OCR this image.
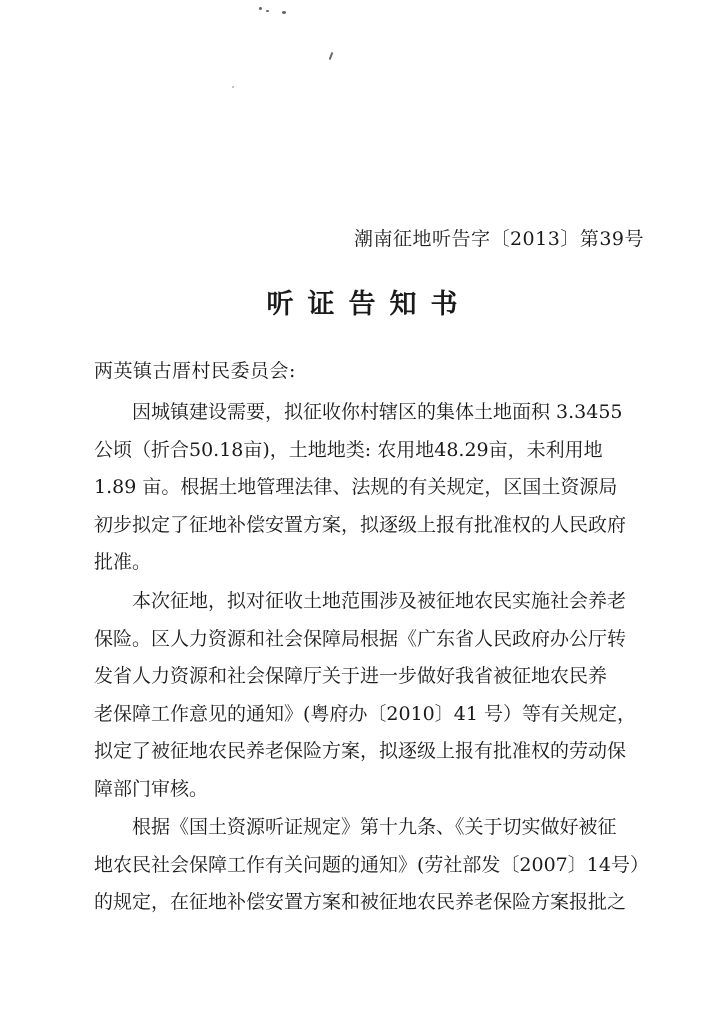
潮南征地听告字〔2013〕第39号
听证告知书
两英镇古厝村民委员会:
因城镇建设需要，拟征收你村辖区的集体土地面积 3.3455
公顷（折合50.18亩)，土地地类: 农用地48.29亩，未利用地
1.89 亩。根据土地管理法律、法规的有关规定，区国土资源局
初步拟定了征地补偿安置方案，拟逐级上报有批准权的人民政府
批准。
本次征地，拟对征收土地范围涉及被征地农民实施社会养老
保险。区人力资源和社会保障局根据《广东省人民政府办公厅转
发省人力资源和社会保障厅关于进一步做好我省被征地农民养
老保障工作意见的通知》(粤府办〔2010〕41 号）等有关规定，
拟定了被征地农民养老保险方案，拟逐级上报有批准权的劳动保
障部门审核。
根据《国土资源听证规定》第十九条、《关于切实做好被征
地农民社会保障工作有关问题的通知》(劳社部发〔2007〕14号）
的规定，在征地补偿安置方案和被征地农民养老保险方案报批之
